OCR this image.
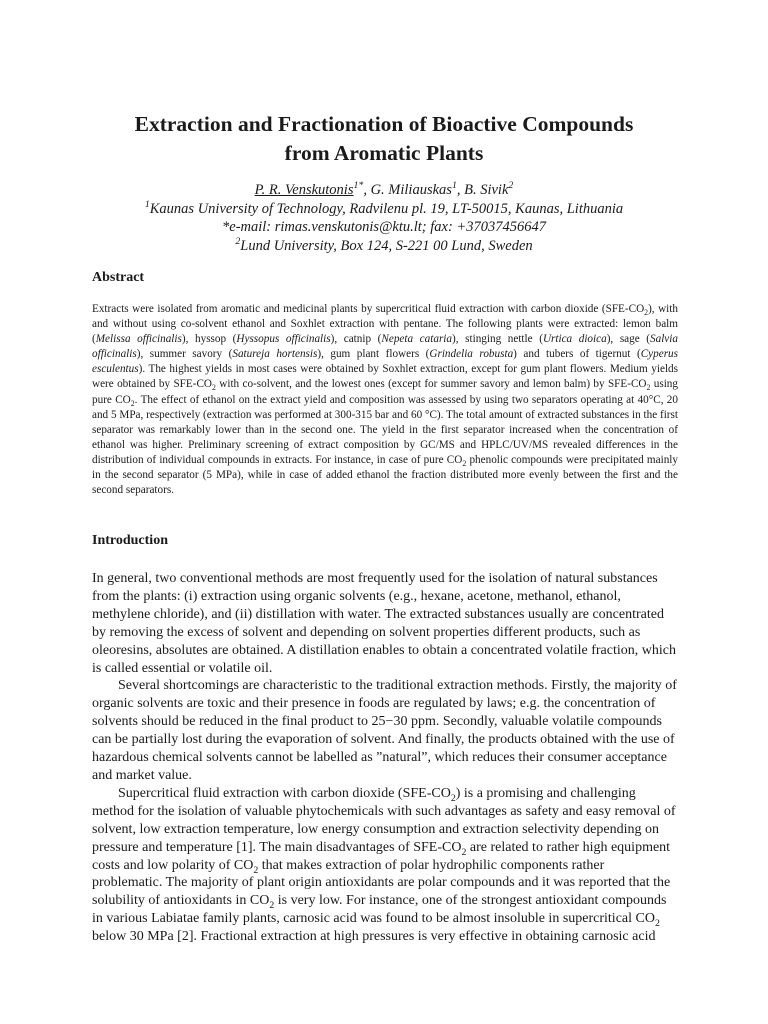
Extraction and Fractionation of Bioactive Compounds
from Aromatic Plants
P. R. Venskutonis$^{1*}$, G. Miliauskas$^1$, B. Sivik$^2$
$^1$Kaunas University of Technology, Radvilenu pl. 19, LT-50015, Kaunas, Lithuania
*e-mail: rimas.venskutonis@ktu.lt; fax: +37037456647
$^2$Lund University, Box 124, S-221 00 Lund, Sweden
Abstract
Extracts were isolated from aromatic and medicinal plants by supercritical fluid extraction with carbon dioxide $(SFE-CO_2)$, with and without using co-solvent ethanol and Soxhlet extraction with pentane. The following plants were extracted: lemon balm (Melissa officinalis), hyssop (Hyssopus officinalis), catnip (Nepeta cataria), stinging nettle (Urtica dioica), sage (Salvia officinalis), summer savory (Satureja hortensis), gum plant flowers (Grindelia robusta) and tubers of tigernut (Cyperus esculentus). The highest yields in most cases were obtained by Soxhlet extraction, except for gum plant flowers. Medium yields were obtained by SFE-$CO_2$ with co-solvent, and the lowest ones (except for summer savory and lemon balm) by SFE-$CO_2$ using pure $CO_2$. The effect of ethanol on the extract yield and composition was assessed by using two separators operating at 40°C, 20 and 5 MPa, respectively (extraction was performed at 300-315 bar and 60 °C). The total amount of extracted substances in the first separator was remarkably lower than in the second one. The yield in the first separator increased when the concentration of ethanol was higher. Preliminary screening of extract composition by GC/MS and HPLC/UV/MS revealed differences in the distribution of individual compounds in extracts. For instance, in case of pure $CO_2$ phenolic compounds were precipitated mainly in the second separator (5 MPa), while in case of added ethanol the fraction distributed more evenly between the first and the second separators.
Introduction

In general, two conventional methods are most frequently used for the isolation of natural substances from the plants: (i) extraction using organic solvents (e.g., hexane, acetone, methanol, ethanol, methylene chloride), and (ii) distillation with water. The extracted substances usually are concentrated by removing the excess of solvent and depending on solvent properties different products, such as oleoresins, absolutes are obtained. A distillation enables to obtain a concentrated volatile fraction, which is called essential or volatile oil.

Several shortcomings are characteristic to the traditional extraction methods. Firstly, the majority of organic solvents are toxic and their presence in foods are regulated by laws; e.g. the concentration of solvents should be reduced in the final product to 25−30 ppm. Secondly, valuable volatile compounds can be partially lost during the evaporation of solvent. And finally, the products obtained with the use of hazardous chemical solvents cannot be labelled as ”natural”, which reduces their consumer acceptance and market value.

Supercritical fluid extraction with carbon dioxide $(SFE-CO_2)$ is a promising and challenging method for the isolation of valuable phytochemicals with such advantages as safety and easy removal of solvent, low extraction temperature, low energy consumption and extraction selectivity depending on pressure and temperature [1]. The main disadvantages of SFE-$CO_2$ are related to rather high equipment costs and low polarity of $CO_2$ that makes extraction of polar hydrophilic components rather problematic. The majority of plant origin antioxidants are polar compounds and it was reported that the solubility of antioxidants in $CO_2$ is very low. For instance, one of the strongest antioxidant compounds in various Labiatae family plants, carnosic acid was found to be almost insoluble in supercritical $CO_2$ below 30 MPa [2]. Fractional extraction at high pressures is very effective in obtaining carnosic acid
